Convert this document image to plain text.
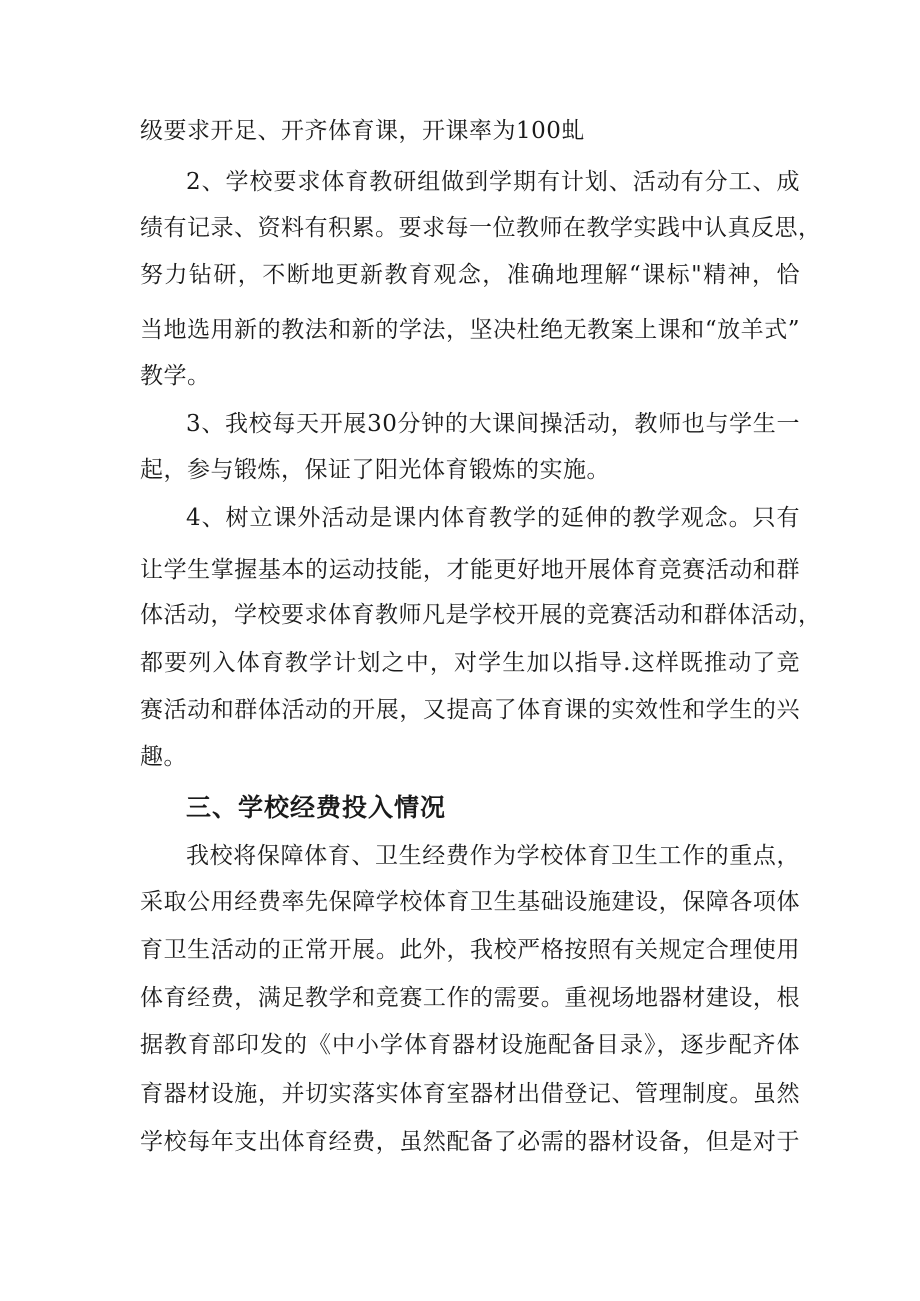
级要求开足、开齐体育课，开课率为100虬
2、学校要求体育教研组做到学期有计划、活动有分工、成
绩有记录、资料有积累。要求每一位教师在教学实践中认真反思，
努力钻研，不断地更新教育观念，准确地理解“课标"精神，恰
当地选用新的教法和新的学法，坚决杜绝无教案上课和“放羊式”
教学。
3、我校每天开展30分钟的大课间操活动，教师也与学生一
起，参与锻炼，保证了阳光体育锻炼的实施。
4、树立课外活动是课内体育教学的延伸的教学观念。只有
让学生掌握基本的运动技能，才能更好地开展体育竞赛活动和群
体活动，学校要求体育教师凡是学校开展的竞赛活动和群体活动，
都要列入体育教学计划之中，对学生加以指导.这样既推动了竞
赛活动和群体活动的开展，又提高了体育课的实效性和学生的兴
趣。
三、学校经费投入情况
我校将保障体育、卫生经费作为学校体育卫生工作的重点，
采取公用经费率先保障学校体育卫生基础设施建设，保障各项体
育卫生活动的正常开展。此外，我校严格按照有关规定合理使用
体育经费，满足教学和竞赛工作的需要。重视场地器材建设，根
据教育部印发的《中小学体育器材设施配备目录》，逐步配齐体
育器材设施，并切实落实体育室器材出借登记、管理制度。虽然
学校每年支出体育经费，虽然配备了必需的器材设备，但是对于
